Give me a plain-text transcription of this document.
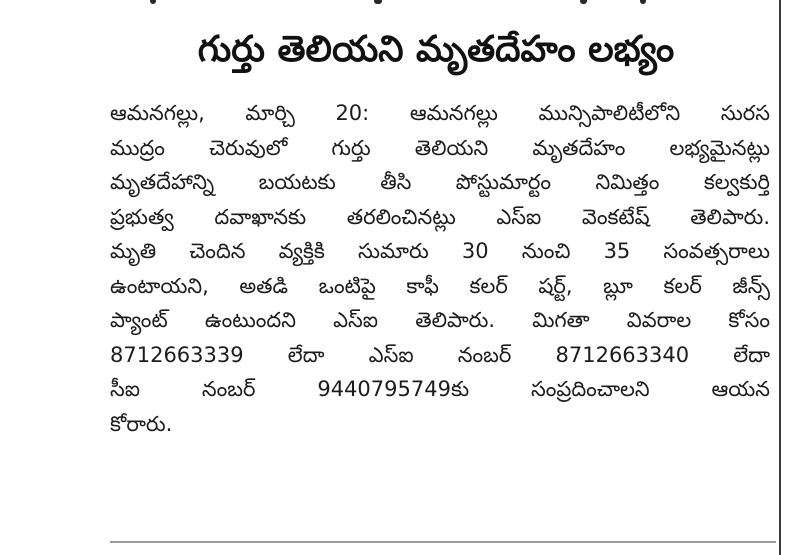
గుర్తు తెలియని మృతదేహం లభ్యం
ఆమనగల్లు, మార్చి 20: ఆమనగల్లు మున్సిపాలిటీలోని సురస
ముద్రం చెరువులో గుర్తు తెలియని మృతదేహం లభ్యమైనట్లు
మృతదేహాన్ని బయటకు తీసి పోస్టుమార్టం నిమిత్తం కల్వకుర్తి
ప్రభుత్వ దవాఖానకు తరలించినట్లు ఎస్ఐ వెంకటేష్ తెలిపారు.
మృతి చెందిన వ్యక్తికి సుమారు 30 నుంచి 35 సంవత్సరాలు
ఉంటాయని, అతడి ఒంటిపై కాఫీ కలర్ షర్ట్, బ్లూ కలర్ జీన్స్
ప్యాంట్ ఉంటుందని ఎస్ఐ తెలిపారు. మిగతా వివరాల కోసం
8712663339 లేదా ఎస్ఐ నంబర్ 8712663340 లేదా
సీఐ నంబర్ 9440795749కు సంప్రదించాలని ఆయన
కోరారు.
